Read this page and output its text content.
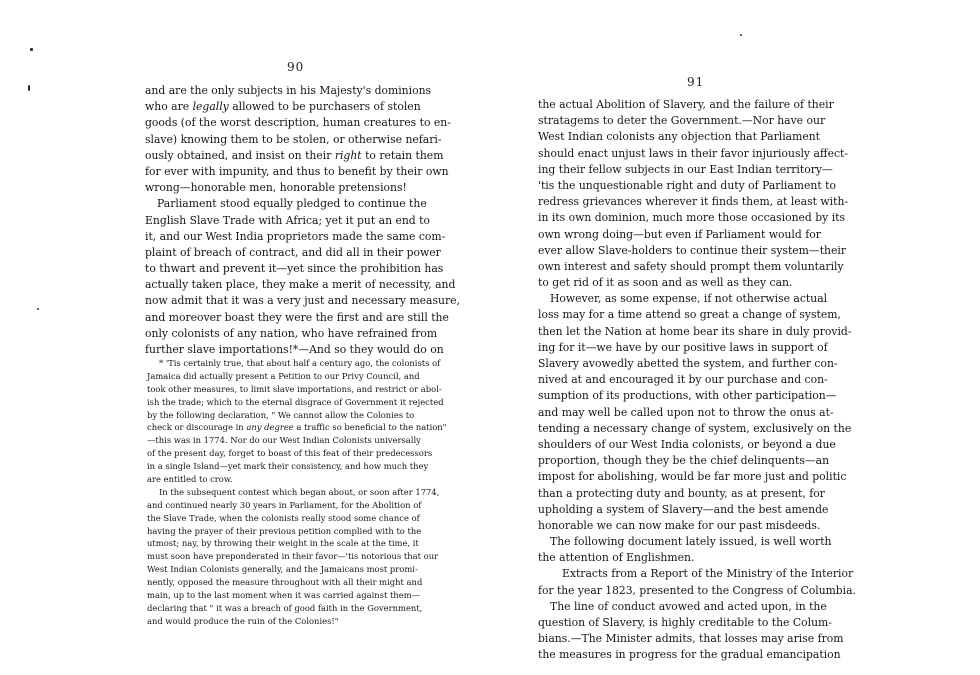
90
and are the only subjects in his Majesty's dominions
who are legally allowed to be purchasers of stolen
goods (of the worst description, human creatures to en-
slave) knowing them to be stolen, or otherwise nefari-
ously obtained, and insist on their right to retain them
for ever with impunity, and thus to benefit by their own
wrong—honorable men, honorable pretensions!
Parliament stood equally pledged to continue the
English Slave Trade with Africa; yet it put an end to
it, and our West India proprietors made the same com-
plaint of breach of contract, and did all in their power
to thwart and prevent it—yet since the prohibition has
actually taken place, they make a merit of necessity, and
now admit that it was a very just and necessary measure,
and moreover boast they were the first and are still the
only colonists of any nation, who have refrained from
further slave importations!*—And so they would do on
* 'Tis certainly true, that about half a century ago, the colonists of
Jamaica did actually present a Petition to our Privy Council, and
took other measures, to limit slave importations, and restrict or abol-
ish the trade; which to the eternal disgrace of Government it rejected
by the following declaration, " We cannot allow the Colonies to
check or discourage in any degree a traffic so beneficial to the nation"
—this was in 1774. Nor do our West Indian Colonists universally
of the present day, forget to boast of this feat of their predecessors
in a single Island—yet mark their consistency, and how much they
are entitled to crow.
In the subsequent contest which began about, or soon after 1774,
and continued nearly 30 years in Parliament, for the Abolition of
the Slave Trade, when the colonists really stood some chance of
having the prayer of their previous petition complied with to the
utmost; nay, by throwing their weight in the scale at the time, it
must soon have preponderated in their favor—'tis notorious that our
West Indian Colonists generally, and the Jamaicans most promi-
nently, opposed the measure throughout with all their might and
main, up to the last moment when it was carried against them—
declaring that " it was a breach of good faith in the Government,
and would produce the ruin of the Colonies!"
91
the actual Abolition of Slavery, and the failure of their
stratagems to deter the Government.—Nor have our
West Indian colonists any objection that Parliament
should enact unjust laws in their favor injuriously affect-
ing their fellow subjects in our East Indian territory—
'tis the unquestionable right and duty of Parliament to
redress grievances wherever it finds them, at least with-
in its own dominion, much more those occasioned by its
own wrong doing—but even if Parliament would for
ever allow Slave-holders to continue their system—their
own interest and safety should prompt them voluntarily
to get rid of it as soon and as well as they can.
However, as some expense, if not otherwise actual
loss may for a time attend so great a change of system,
then let the Nation at home bear its share in duly provid-
ing for it—we have by our positive laws in support of
Slavery avowedly abetted the system, and further con-
nived at and encouraged it by our purchase and con-
sumption of its productions, with other participation—
and may well be called upon not to throw the onus at-
tending a necessary change of system, exclusively on the
shoulders of our West India colonists, or beyond a due
proportion, though they be the chief delinquents—an
impost for abolishing, would be far more just and politic
than a protecting duty and bounty, as at present, for
upholding a system of Slavery—and the best amende
honorable we can now make for our past misdeeds.
The following document lately issued, is well worth
the attention of Englishmen.
Extracts from a Report of the Ministry of the Interior
for the year 1823, presented to the Congress of Columbia.
The line of conduct avowed and acted upon, in the
question of Slavery, is highly creditable to the Colum-
bians.—The Minister admits, that losses may arise from
the measures in progress for the gradual emancipation
